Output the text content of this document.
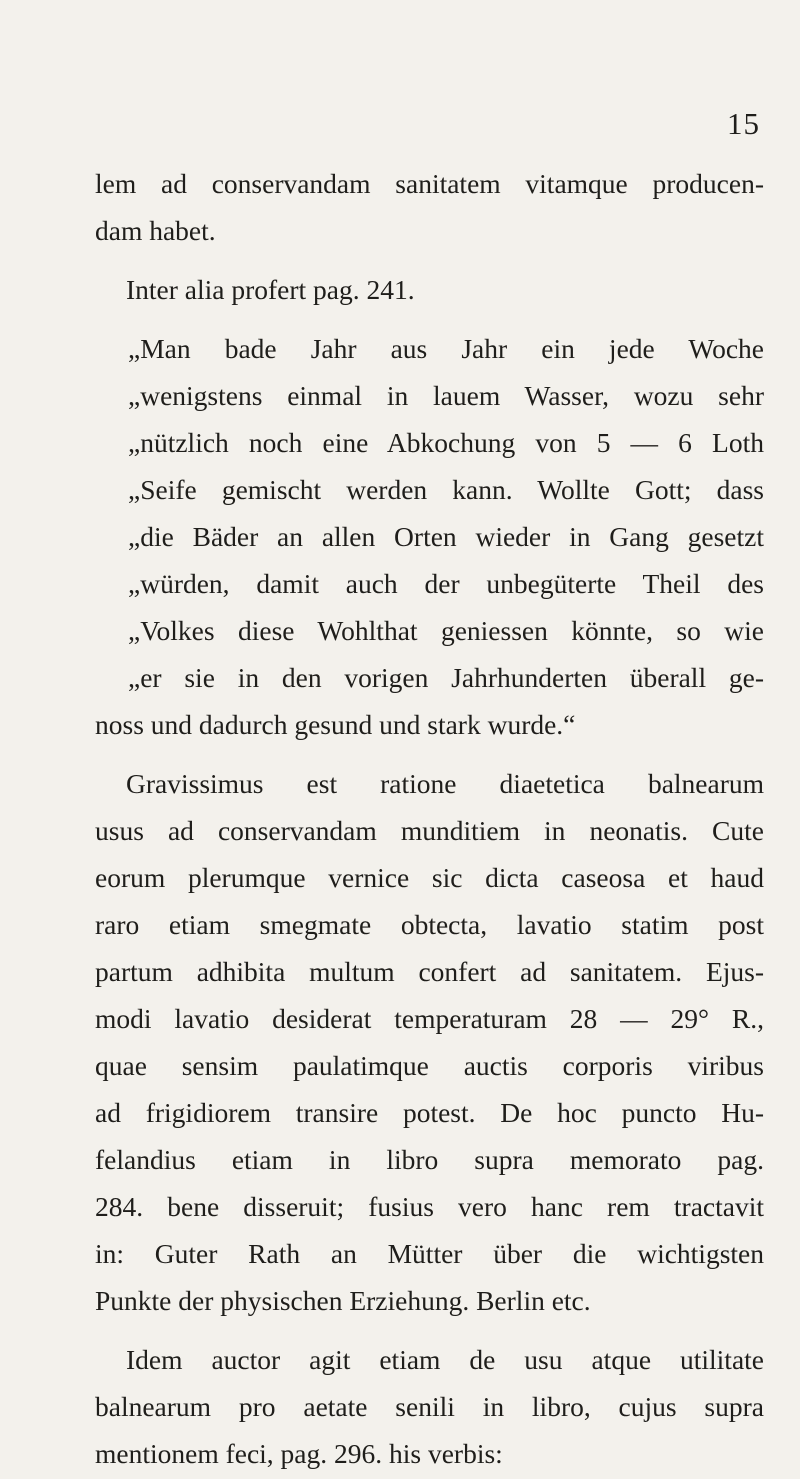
15
lem ad conservandam sanitatem vitamque producen-
dam habet.
Inter alia profert pag. 241.
„Man bade Jahr aus Jahr ein jede Woche
„wenigstens einmal in lauem Wasser, wozu sehr
„nützlich noch eine Abkochung von 5 — 6 Loth
„Seife gemischt werden kann. Wollte Gott; dass
„die Bäder an allen Orten wieder in Gang gesetzt
„würden, damit auch der unbegüterte Theil des
„Volkes diese Wohlthat geniessen könnte, so wie
„er sie in den vorigen Jahrhunderten überall ge-
noss und dadurch gesund und stark wurde.“
Gravissimus est ratione diaetetica balnearum
usus ad conservandam munditiem in neonatis. Cute
eorum plerumque vernice sic dicta caseosa et haud
raro etiam smegmate obtecta, lavatio statim post
partum adhibita multum confert ad sanitatem. Ejus-
modi lavatio desiderat temperaturam 28 — 29° R.,
quae sensim paulatimque auctis corporis viribus
ad frigidiorem transire potest. De hoc puncto Hu-
felandius etiam in libro supra memorato pag.
284. bene disseruit; fusius vero hanc rem tractavit
in: Guter Rath an Mütter über die wichtigsten
Punkte der physischen Erziehung. Berlin etc.
Idem auctor agit etiam de usu atque utilitate
balnearum pro aetate senili in libro, cujus supra
mentionem feci, pag. 296. his verbis:
